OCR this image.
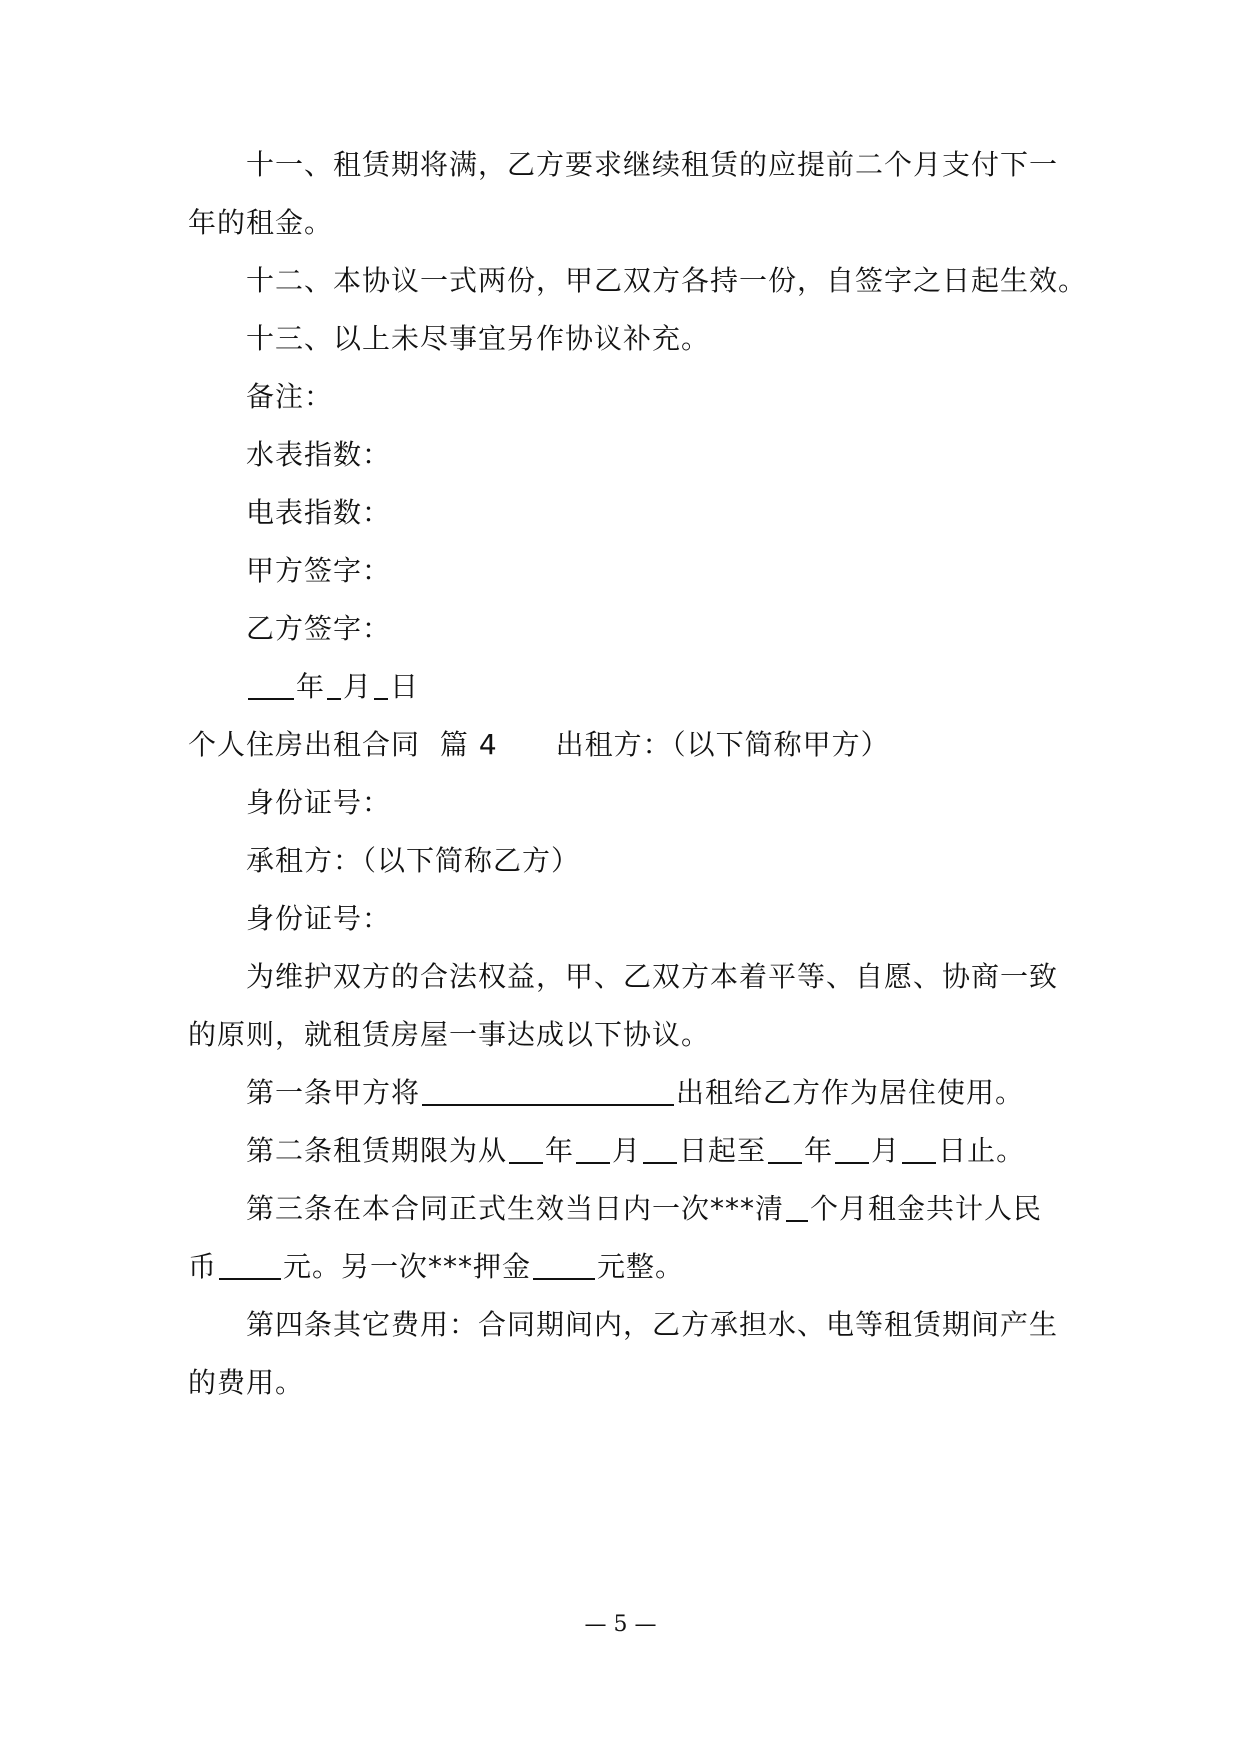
十一、租赁期将满，乙方要求继续租赁的应提前二个月支付下一
年的租金。
十二、本协议一式两份，甲乙双方各持一份，自签字之日起生效。
十三、以上未尽事宜另作协议补充。
备注：
水表指数：
电表指数：
甲方签字：
乙方签字：
年 月 日
个人住房出租合同 篇 4 出租方：（以下简称甲方）
身份证号：
承租方：（以下简称乙方）
身份证号：
为维护双方的合法权益，甲、乙双方本着平等、自愿、协商一致
的原则，就租赁房屋一事达成以下协议。
第一条甲方将	出租给乙方作为居住使用。
第二条租赁期限为从 年 月 日起至 年 月 日止。
第三条在本合同正式生效当日内一次***清 个月租金共计人民
币 元。另一次***押金 元整。
第四条其它费用：合同期间内，乙方承担水、电等租赁期间产生
的费用。
— 5 —
